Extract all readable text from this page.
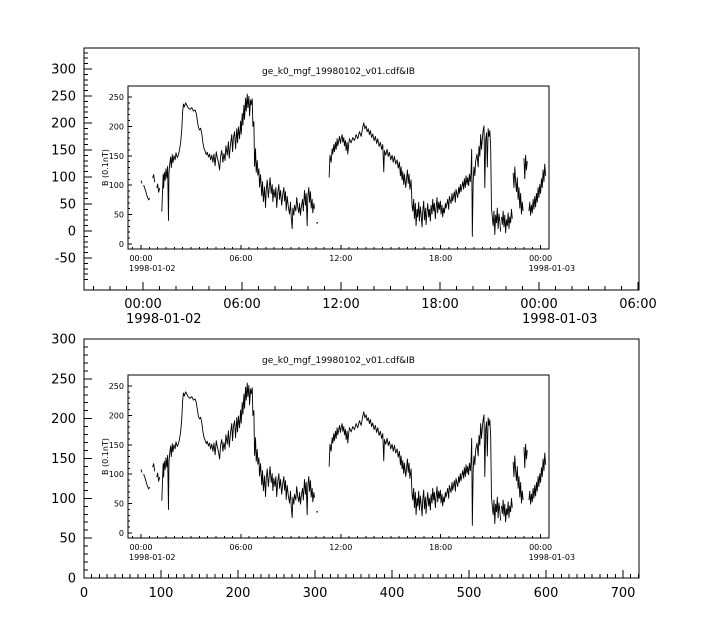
-50
0
50
100
150
200
250
300
00:00
1998-01-02
06:00	12:00	18:00	00:00
1998-01-03
06:00
0
50
100
150
200
250
300
0	100	200	300	400	500	600	700
ge_k0_mgf_19980102_v01.cdf&IB
B (0.1nT)
0
50
100
150
200
250
00:00
1998-01-02
06:00	12:00	18:00	00:00
1998-01-03
ge_k0_mgf_19980102_v01.cdf&IB
B (0.1nT)
0
50
100
150
200
250
00:00
1998-01-02
06:00	12:00	18:00	00:00
1998-01-03
